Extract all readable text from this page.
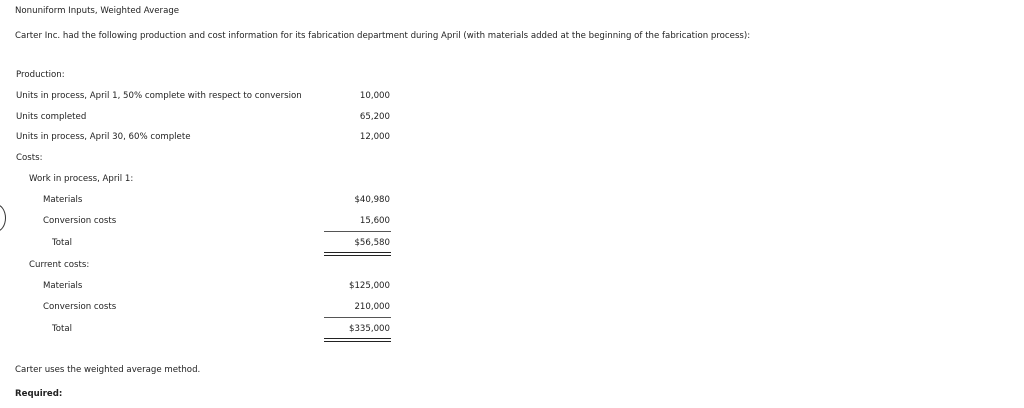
Nonuniform Inputs, Weighted Average
Carter Inc. had the following production and cost information for its fabrication department during April (with materials added at the beginning of the fabrication process):
Production:
Units in process, April 1, 50% complete with respect to conversion	10,000
Units completed	65,200
Units in process, April 30, 60% complete	12,000
Costs:
Work in process, April 1:
Materials	$40,980
Conversion costs	15,600
Total	$56,580
Current costs:
Materials	$125,000
Conversion costs	210,000
Total	$335,000
Carter uses the weighted average method.
Required:
